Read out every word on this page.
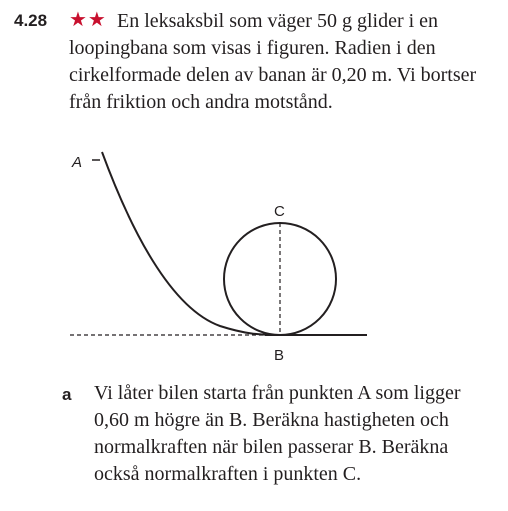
4.28 ★★ En leksaksbil som väger 50 g glider i en loopingbana som visas i figuren. Radien i den cirkelformade delen av banan är 0,20 m. Vi bortser från friktion och andra motstånd.

A
C
B
a Vi låter bilen starta från punkten A som ligger 0,60 m högre än B. Beräkna hastigheten och normalkraften när bilen passerar B. Beräkna också normalkraften i punkten C.
